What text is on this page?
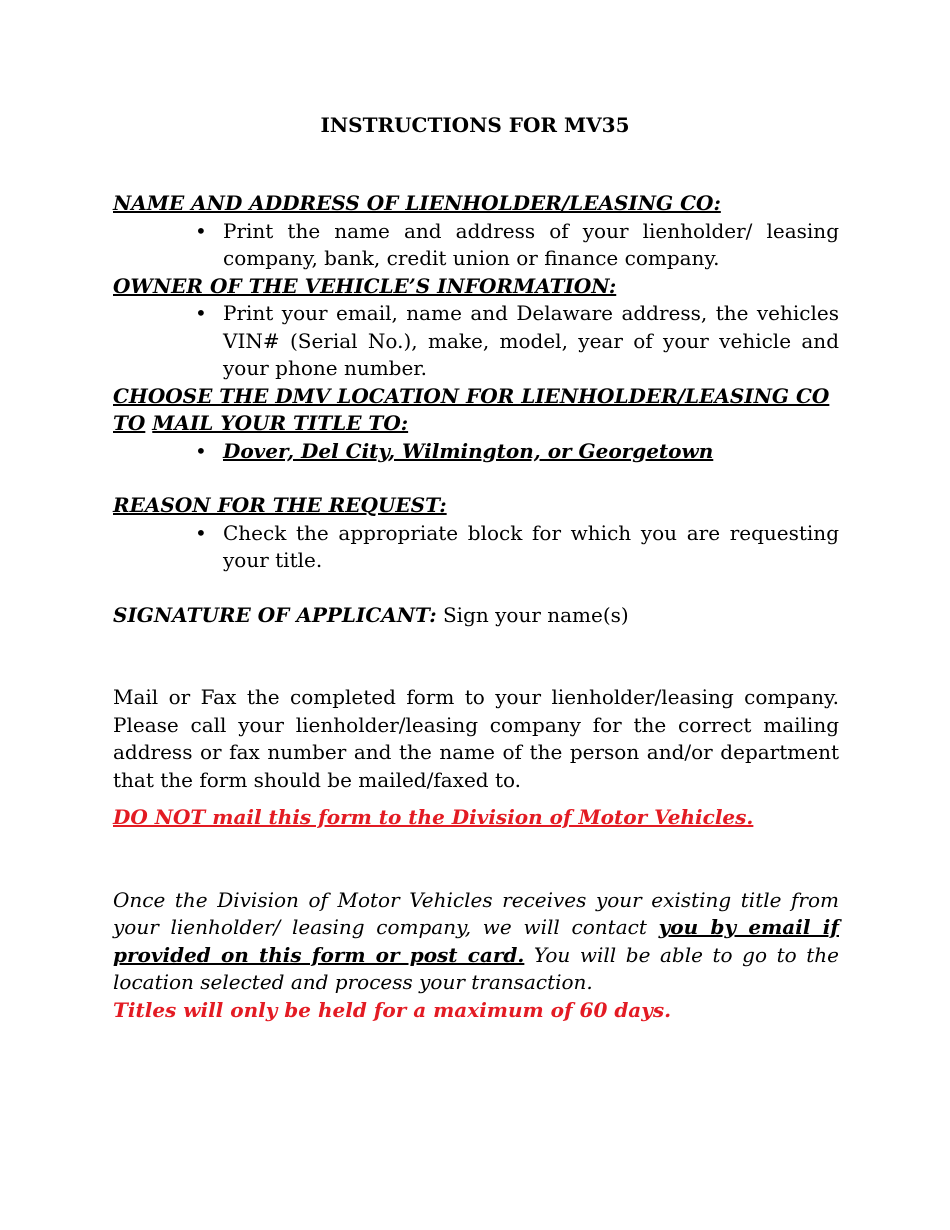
INSTRUCTIONS FOR MV35

NAME AND ADDRESS OF LIENHOLDER/LEASING CO:

• Print the name and address of your lienholder/ leasing company, bank, credit union or finance company.

OWNER OF THE VEHICLE’S INFORMATION:

• Print your email, name and Delaware address, the vehicles VIN# (Serial No.), make, model, year of your vehicle and your phone number.

CHOOSE THE DMV LOCATION FOR LIENHOLDER/LEASING CO

TO MAIL YOUR TITLE TO:

• Dover, Del City, Wilmington, or Georgetown

REASON FOR THE REQUEST:

• Check the appropriate block for which you are requesting your title.

SIGNATURE OF APPLICANT: Sign your name(s)

Mail or Fax the completed form to your lienholder/leasing company. Please call your lienholder/leasing company for the correct mailing address or fax number and the name of the person and/or department that the form should be mailed/faxed to.

DO NOT mail this form to the Division of Motor Vehicles.

Once the Division of Motor Vehicles receives your existing title from your lienholder/ leasing company, we will contact you by email if provided on this form or post card. You will be able to go to the location selected and process your transaction.

Titles will only be held for a maximum of 60 days.
